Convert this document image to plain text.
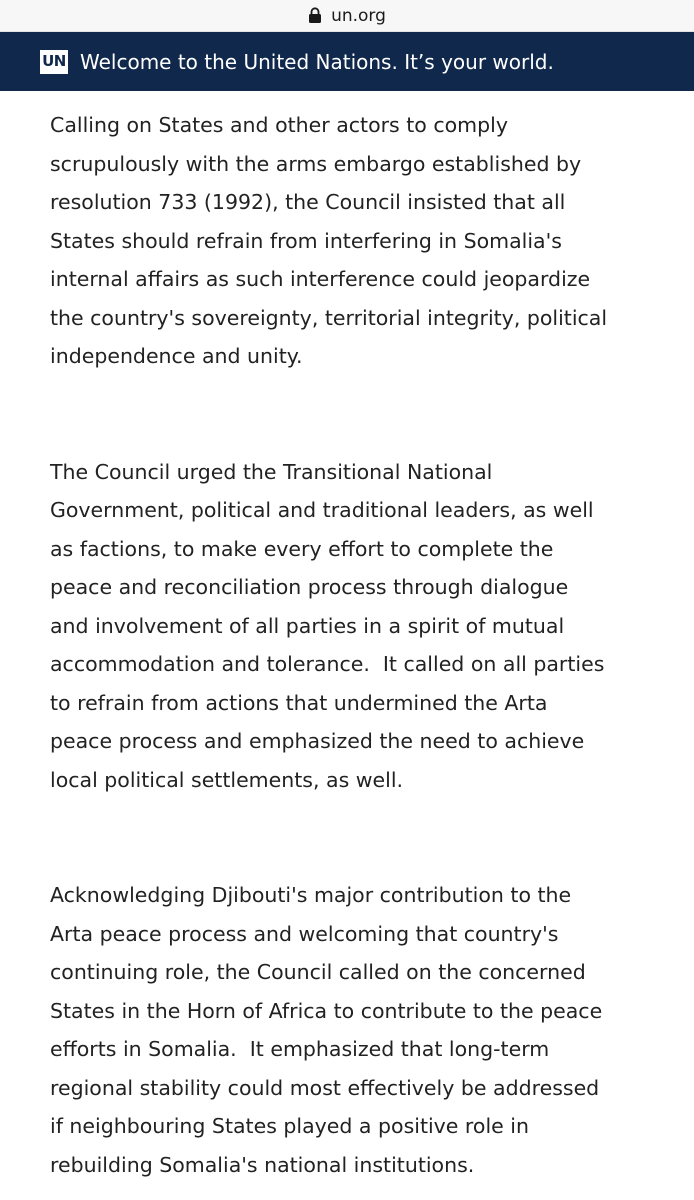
un.org
UN Welcome to the United Nations. It’s your world.

Calling on States and other actors to comply
scrupulously with the arms embargo established by
resolution 733 (1992), the Council insisted that all
States should refrain from interfering in Somalia's
internal affairs as such interference could jeopardize
the country's sovereignty, territorial integrity, political
independence and unity.

The Council urged the Transitional National
Government, political and traditional leaders, as well
as factions, to make every effort to complete the
peace and reconciliation process through dialogue
and involvement of all parties in a spirit of mutual
accommodation and tolerance.  It called on all parties
to refrain from actions that undermined the Arta
peace process and emphasized the need to achieve
local political settlements, as well.

Acknowledging Djibouti's major contribution to the
Arta peace process and welcoming that country's
continuing role, the Council called on the concerned
States in the Horn of Africa to contribute to the peace
efforts in Somalia.  It emphasized that long-term
regional stability could most effectively be addressed
if neighbouring States played a positive role in
rebuilding Somalia's national institutions.
